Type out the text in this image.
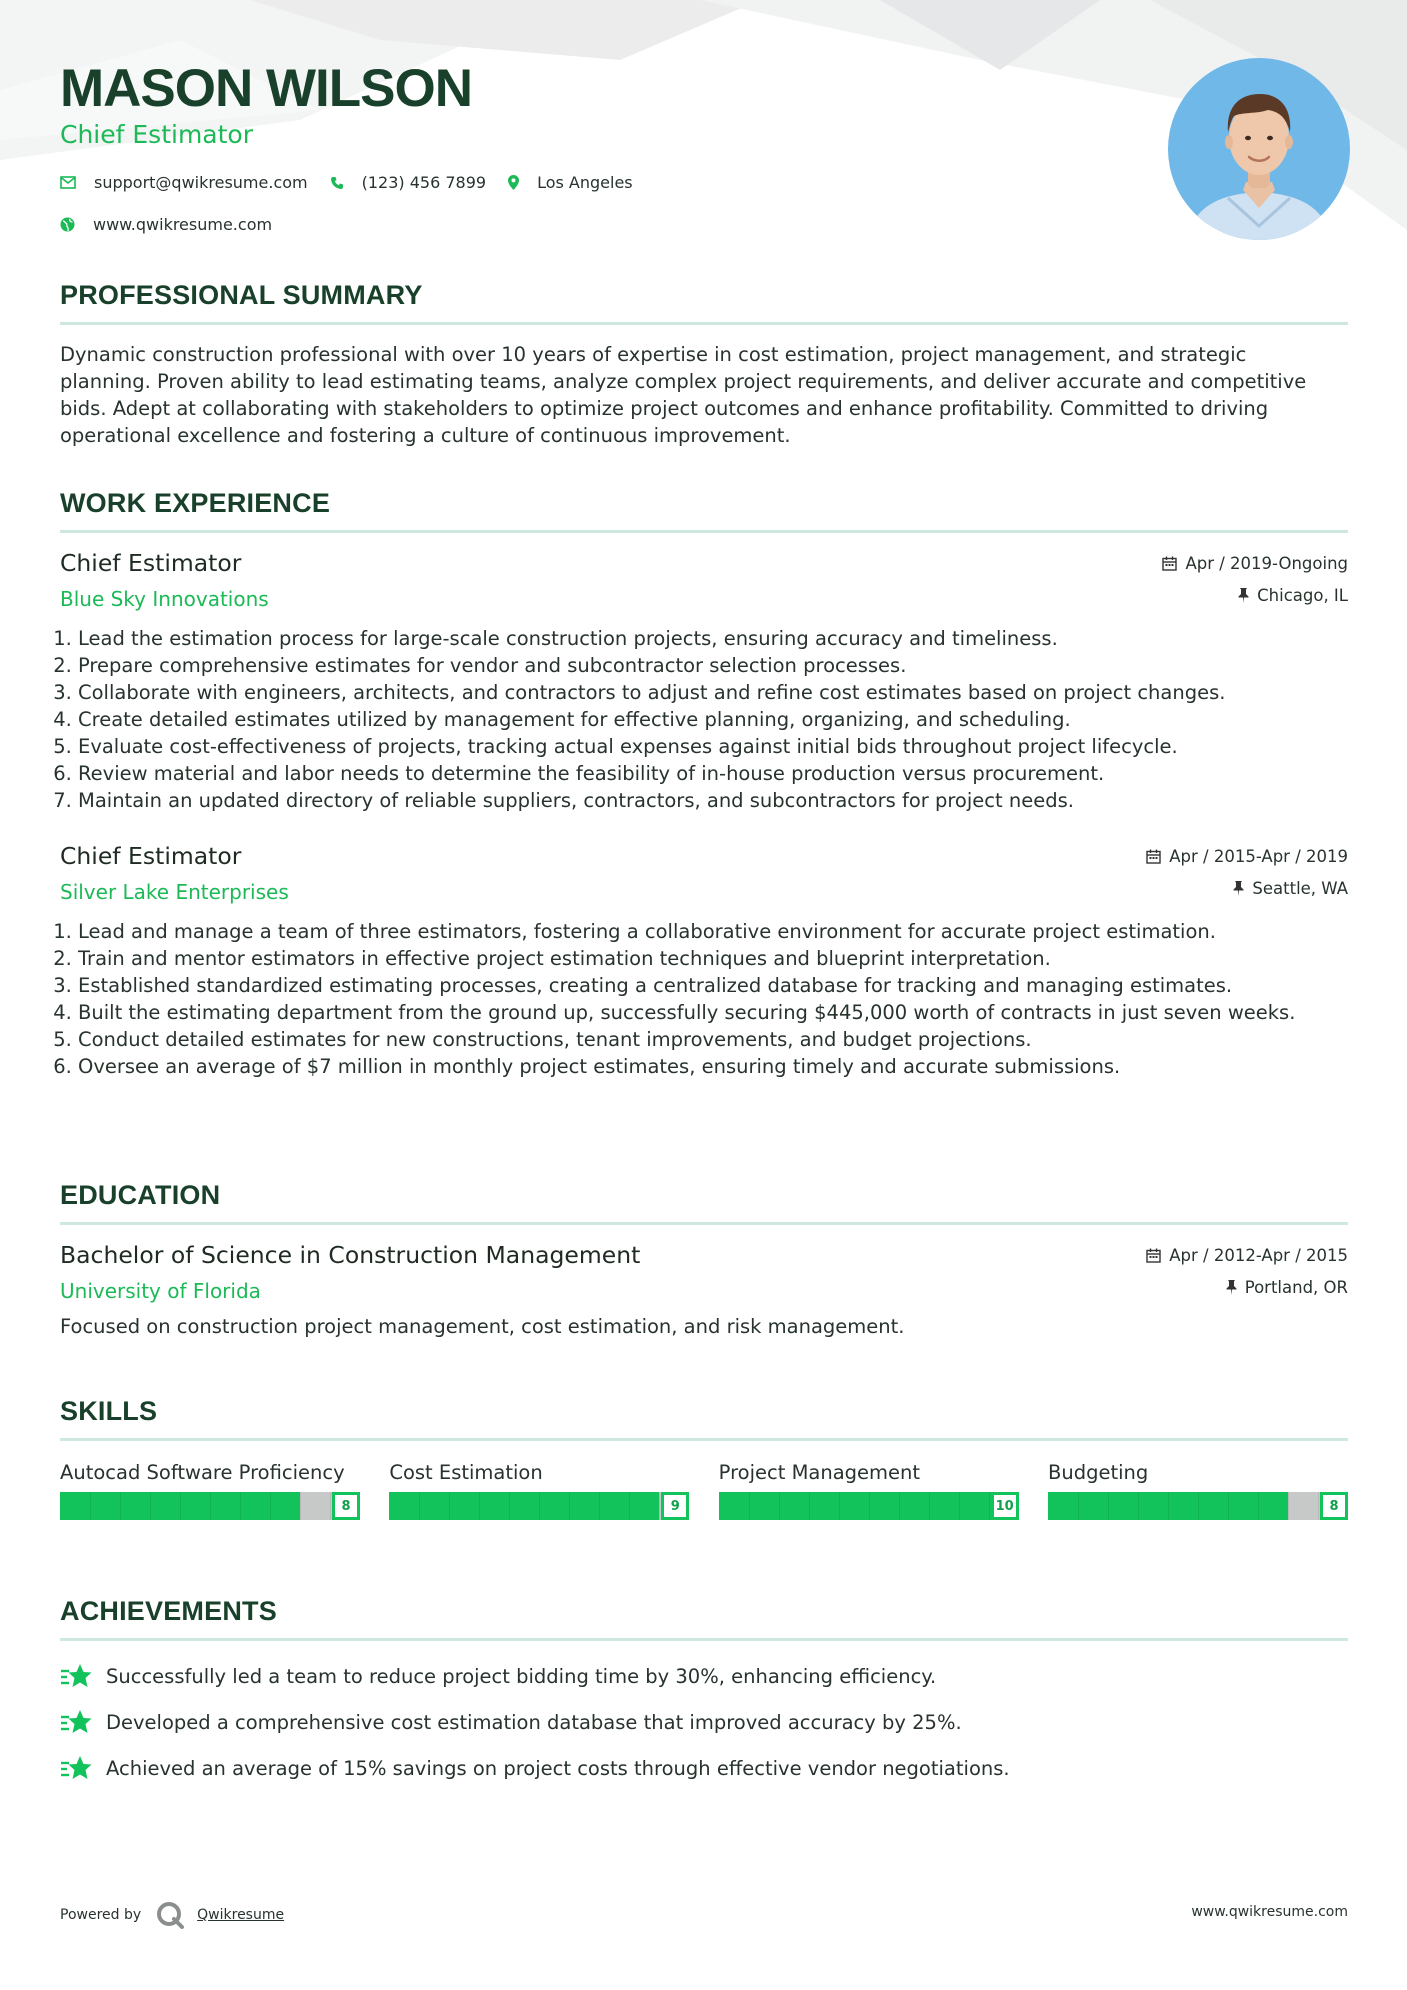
MASON WILSON
Chief Estimator
support@qwikresume.com	(123) 456 7899	Los Angeles
www.qwikresume.com
PROFESSIONAL SUMMARY
Dynamic construction professional with over 10 years of expertise in cost estimation, project management, and strategic planning. Proven ability to lead estimating teams, analyze complex project requirements, and deliver accurate and competitive bids. Adept at collaborating with stakeholders to optimize project outcomes and enhance profitability. Committed to driving operational excellence and fostering a culture of continuous improvement.
WORK EXPERIENCE
Chief Estimator
Blue Sky Innovations
Apr / 2019-Ongoing
Chicago, IL
1. Lead the estimation process for large-scale construction projects, ensuring accuracy and timeliness.
2. Prepare comprehensive estimates for vendor and subcontractor selection processes.
3. Collaborate with engineers, architects, and contractors to adjust and refine cost estimates based on project changes.
4. Create detailed estimates utilized by management for effective planning, organizing, and scheduling.
5. Evaluate cost-effectiveness of projects, tracking actual expenses against initial bids throughout project lifecycle.
6. Review material and labor needs to determine the feasibility of in-house production versus procurement.
7. Maintain an updated directory of reliable suppliers, contractors, and subcontractors for project needs.
Chief Estimator
Silver Lake Enterprises
Apr / 2015-Apr / 2019
Seattle, WA
1. Lead and manage a team of three estimators, fostering a collaborative environment for accurate project estimation.
2. Train and mentor estimators in effective project estimation techniques and blueprint interpretation.
3. Established standardized estimating processes, creating a centralized database for tracking and managing estimates.
4. Built the estimating department from the ground up, successfully securing $445,000 worth of contracts in just seven weeks.
5. Conduct detailed estimates for new constructions, tenant improvements, and budget projections.
6. Oversee an average of $7 million in monthly project estimates, ensuring timely and accurate submissions.
EDUCATION
Bachelor of Science in Construction Management
University of Florida
Apr / 2012-Apr / 2015
Portland, OR
Focused on construction project management, cost estimation, and risk management.
SKILLS
Autocad Software Proficiency
8
Cost Estimation
9
Project Management
10
Budgeting
8
ACHIEVEMENTS
Successfully led a team to reduce project bidding time by 30%, enhancing efficiency.
Developed a comprehensive cost estimation database that improved accuracy by 25%.
Achieved an average of 15% savings on project costs through effective vendor negotiations.
Powered by	Qwikresume	www.qwikresume.com
